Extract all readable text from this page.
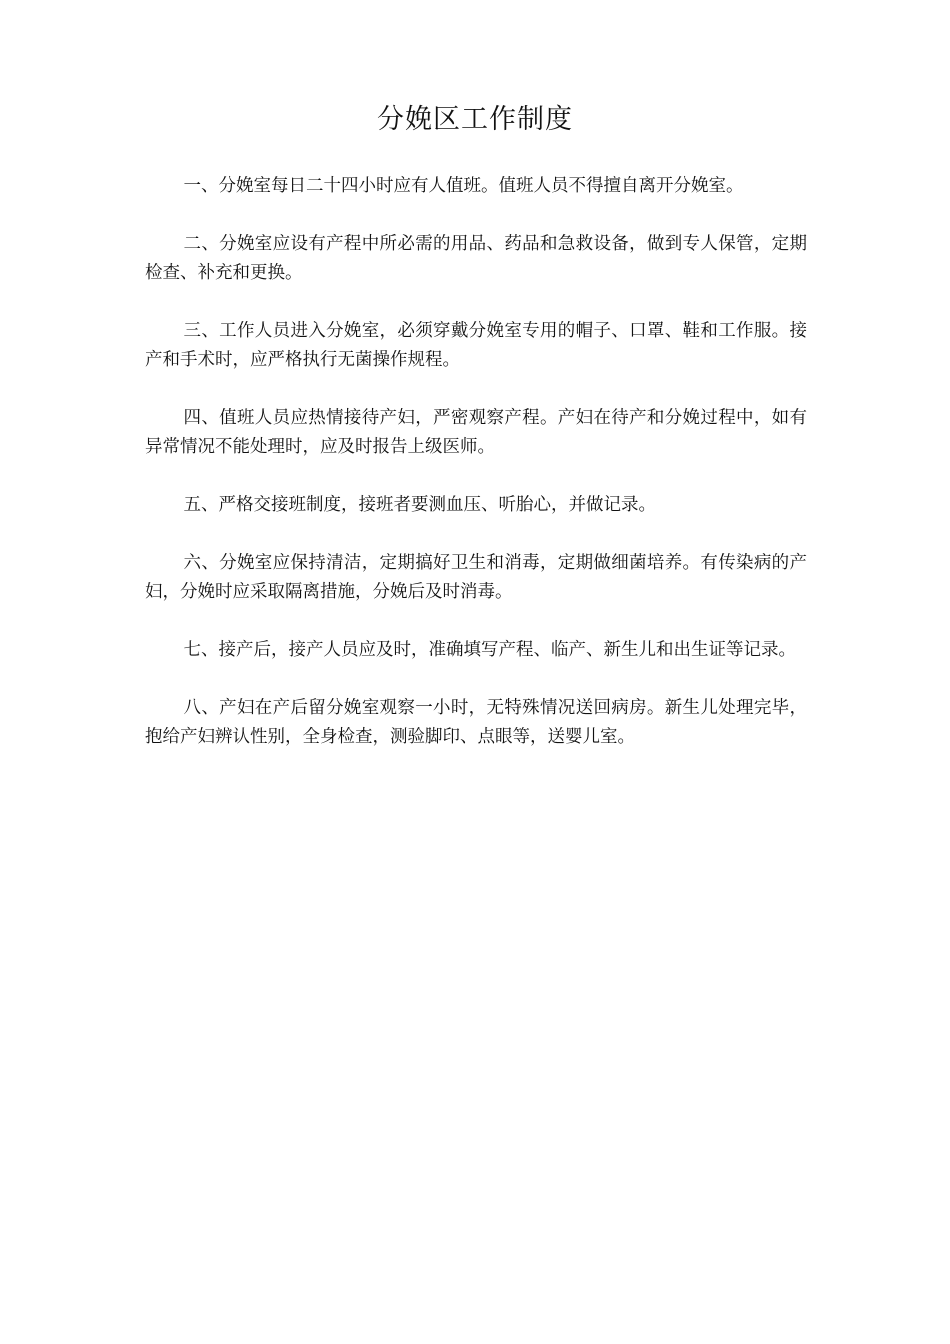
分娩区工作制度

一、分娩室每日二十四小时应有人值班。值班人员不得擅自离开分娩室。

二、分娩室应设有产程中所必需的用品、药品和急救设备，做到专人保管，定期检查、补充和更换。

三、工作人员进入分娩室，必须穿戴分娩室专用的帽子、口罩、鞋和工作服。接产和手术时，应严格执行无菌操作规程。

四、值班人员应热情接待产妇，严密观察产程。产妇在待产和分娩过程中，如有异常情况不能处理时，应及时报告上级医师。

五、严格交接班制度，接班者要测血压、听胎心，并做记录。

六、分娩室应保持清洁，定期搞好卫生和消毒，定期做细菌培养。有传染病的产妇，分娩时应采取隔离措施，分娩后及时消毒。

七、接产后，接产人员应及时，准确填写产程、临产、新生儿和出生证等记录。

八、产妇在产后留分娩室观察一小时，无特殊情况送回病房。新生儿处理完毕，抱给产妇辨认性别，全身检查，测验脚印、点眼等，送婴儿室。
